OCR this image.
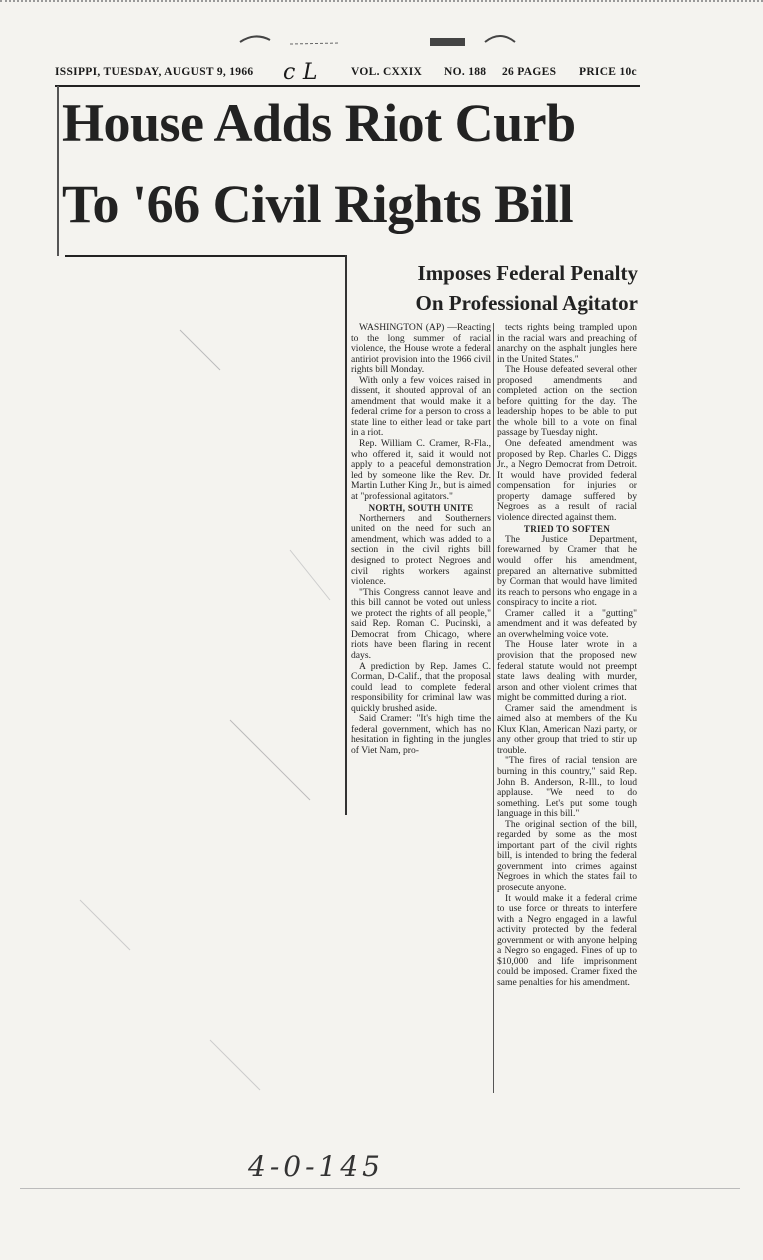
ISSIPPI, TUESDAY, AUGUST 9, 1966 c L	VOL. CXXIX NO. 188 26 PAGES PRICE 10c
House Adds Riot Curb
To '66 Civil Rights Bill
Imposes Federal Penalty
On Professional Agitator

WASHINGTON (AP) —Reacting to the long summer of racial violence, the House wrote a federal antiriot provision into the 1966 civil rights bill Monday.

With only a few voices raised in dissent, it shouted approval of an amendment that would make it a federal crime for a person to cross a state line to either lead or take part in a riot.

Rep. William C. Cramer, R-Fla., who offered it, said it would not apply to a peaceful demonstration led by someone like the Rev. Dr. Martin Luther King Jr., but is aimed at "professional agitators."

NORTH, SOUTH UNITE

Northerners and Southerners united on the need for such an amendment, which was added to a section in the civil rights bill designed to protect Negroes and civil rights workers against violence.

"This Congress cannot leave and this bill cannot be voted out unless we protect the rights of all people," said Rep. Roman C. Pucinski, a Democrat from Chicago, where riots have been flaring in recent days.

A prediction by Rep. James C. Corman, D-Calif., that the proposal could lead to complete federal responsibility for criminal law was quickly brushed aside.

Said Cramer: "It's high time the federal government, which has no hesitation in fighting in the jungles of Viet Nam, pro-

tects rights being trampled upon in the racial wars and preaching of anarchy on the asphalt jungles here in the United States."

The House defeated several other proposed amendments and completed action on the section before quitting for the day. The leadership hopes to be able to put the whole bill to a vote on final passage by Tuesday night.

One defeated amendment was proposed by Rep. Charles C. Diggs Jr., a Negro Democrat from Detroit. It would have provided federal compensation for injuries or property damage suffered by Negroes as a result of racial violence directed against them.

TRIED TO SOFTEN

The Justice Department, forewarned by Cramer that he would offer his amendment, prepared an alternative submitted by Corman that would have limited its reach to persons who engage in a conspiracy to incite a riot.

Cramer called it a "gutting" amendment and it was defeated by an overwhelming voice vote.

The House later wrote in a provision that the proposed new federal statute would not preempt state laws dealing with murder, arson and other violent crimes that might be committed during a riot.

Cramer said the amendment is aimed also at members of the Ku Klux Klan, American Nazi party, or any other group that tried to stir up trouble.

"The fires of racial tension are burning in this country," said Rep. John B. Anderson, R-Ill., to loud applause. "We need to do something. Let's put some tough language in this bill."

The original section of the bill, regarded by some as the most important part of the civil rights bill, is intended to bring the federal government into crimes against Negroes in which the states fail to prosecute anyone.

It would make it a federal crime to use force or threats to interfere with a Negro engaged in a lawful activity protected by the federal government or with anyone helping a Negro so engaged. Fines of up to $10,000 and life imprisonment could be imposed. Cramer fixed the same penalties for his amendment.

4-0-145
